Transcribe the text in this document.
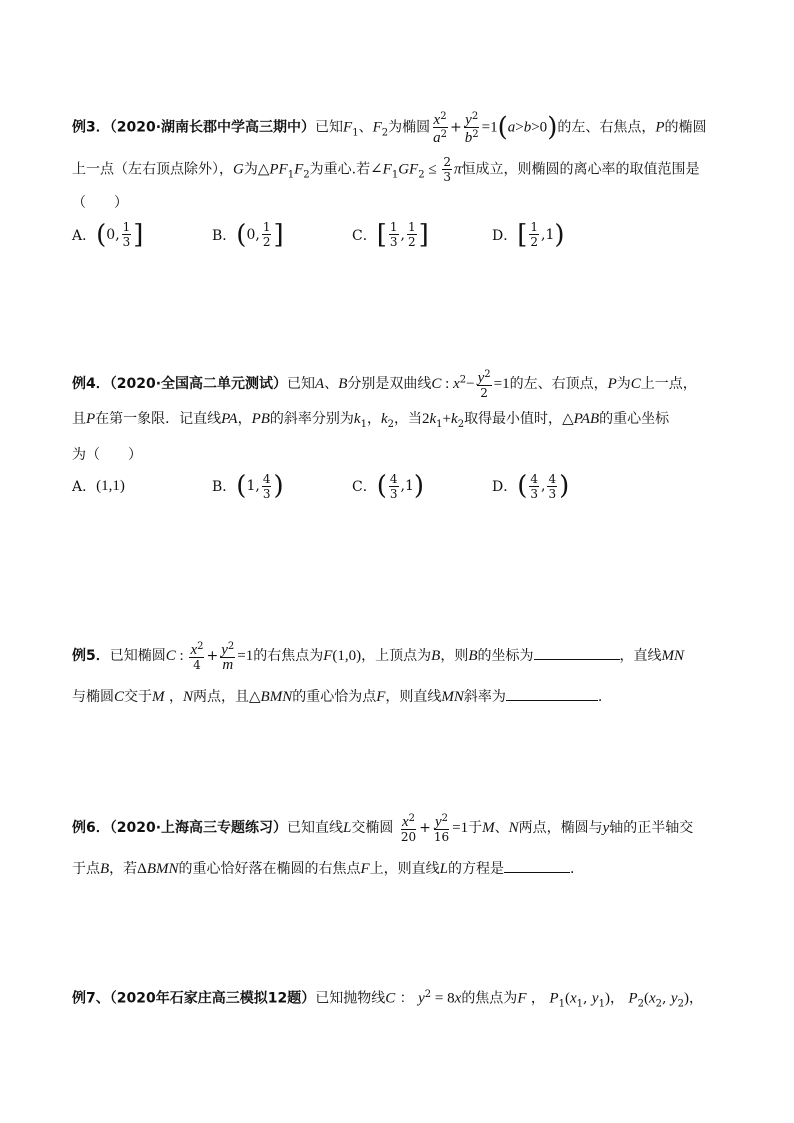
例3．（2020·湖南长郡中学高三期中）已知$F_1$、$F_2$为椭圆 $\frac{x^2}{a^2} + \frac{y^2}{b^2} =1(a>b>0)$的左、右焦点，P的椭圆
上一点（左右顶点除外），G为$\triangle PF_1F_2$为重心.若$\angle F_1GF_2 \le \frac{2}{3}$ π恒成立，则椭圆的离心率的取值范围是
（　　）
A． ( 0, $\frac{1}{3}$ ]	B． ( 0, $\frac{1}{2}$ ]	C． [ $\frac{1}{3}$ , $\frac{1}{2}$ ]	D． [ $\frac{1}{2} ,1$ )
例4．（2020·全国高二单元测试）已知A、B分别是双曲线C : $x^2- \frac{y^2}{2} =1$的左、右顶点，P为C上一点，
且P在第一象限．记直线PA，PB的斜率分别为$k_1$，$k_2$，当$2k_1+k_2$取得最小值时，△PAB的重心坐标
为（　　）
A． (1,1)	B． ( 1, $\frac{4}{3}$ )	C． ( $\frac{4}{3} ,1$ )	D． ( $\frac{4}{3}$ , $\frac{4}{3}$ )
例5．已知椭圆C : $\frac{x^2}{4} + \frac{y^2}{m} =1$的右焦点为F(1,0)，上顶点为B，则B的坐标为	，直线MN
与椭圆C交于M ，N两点，且△BMN的重心恰为点F，则直线MN斜率为	.
例6．（2020·上海高三专题练习）已知直线L交椭圆 $\frac{x^2}{20} + \frac{y^2}{16} =1$于M、N两点，椭圆与y轴的正半轴交
于点B，若ΔBMN的重心恰好落在椭圆的右焦点F上，则直线L的方程是	．
例7、（2020年石家庄高三模拟12题）已知抛物线C ： $y^2 = 8x$的焦点为F ， $P_1(x_1$, $y_1$)， $P_2(x_2$, $y_2$)，
